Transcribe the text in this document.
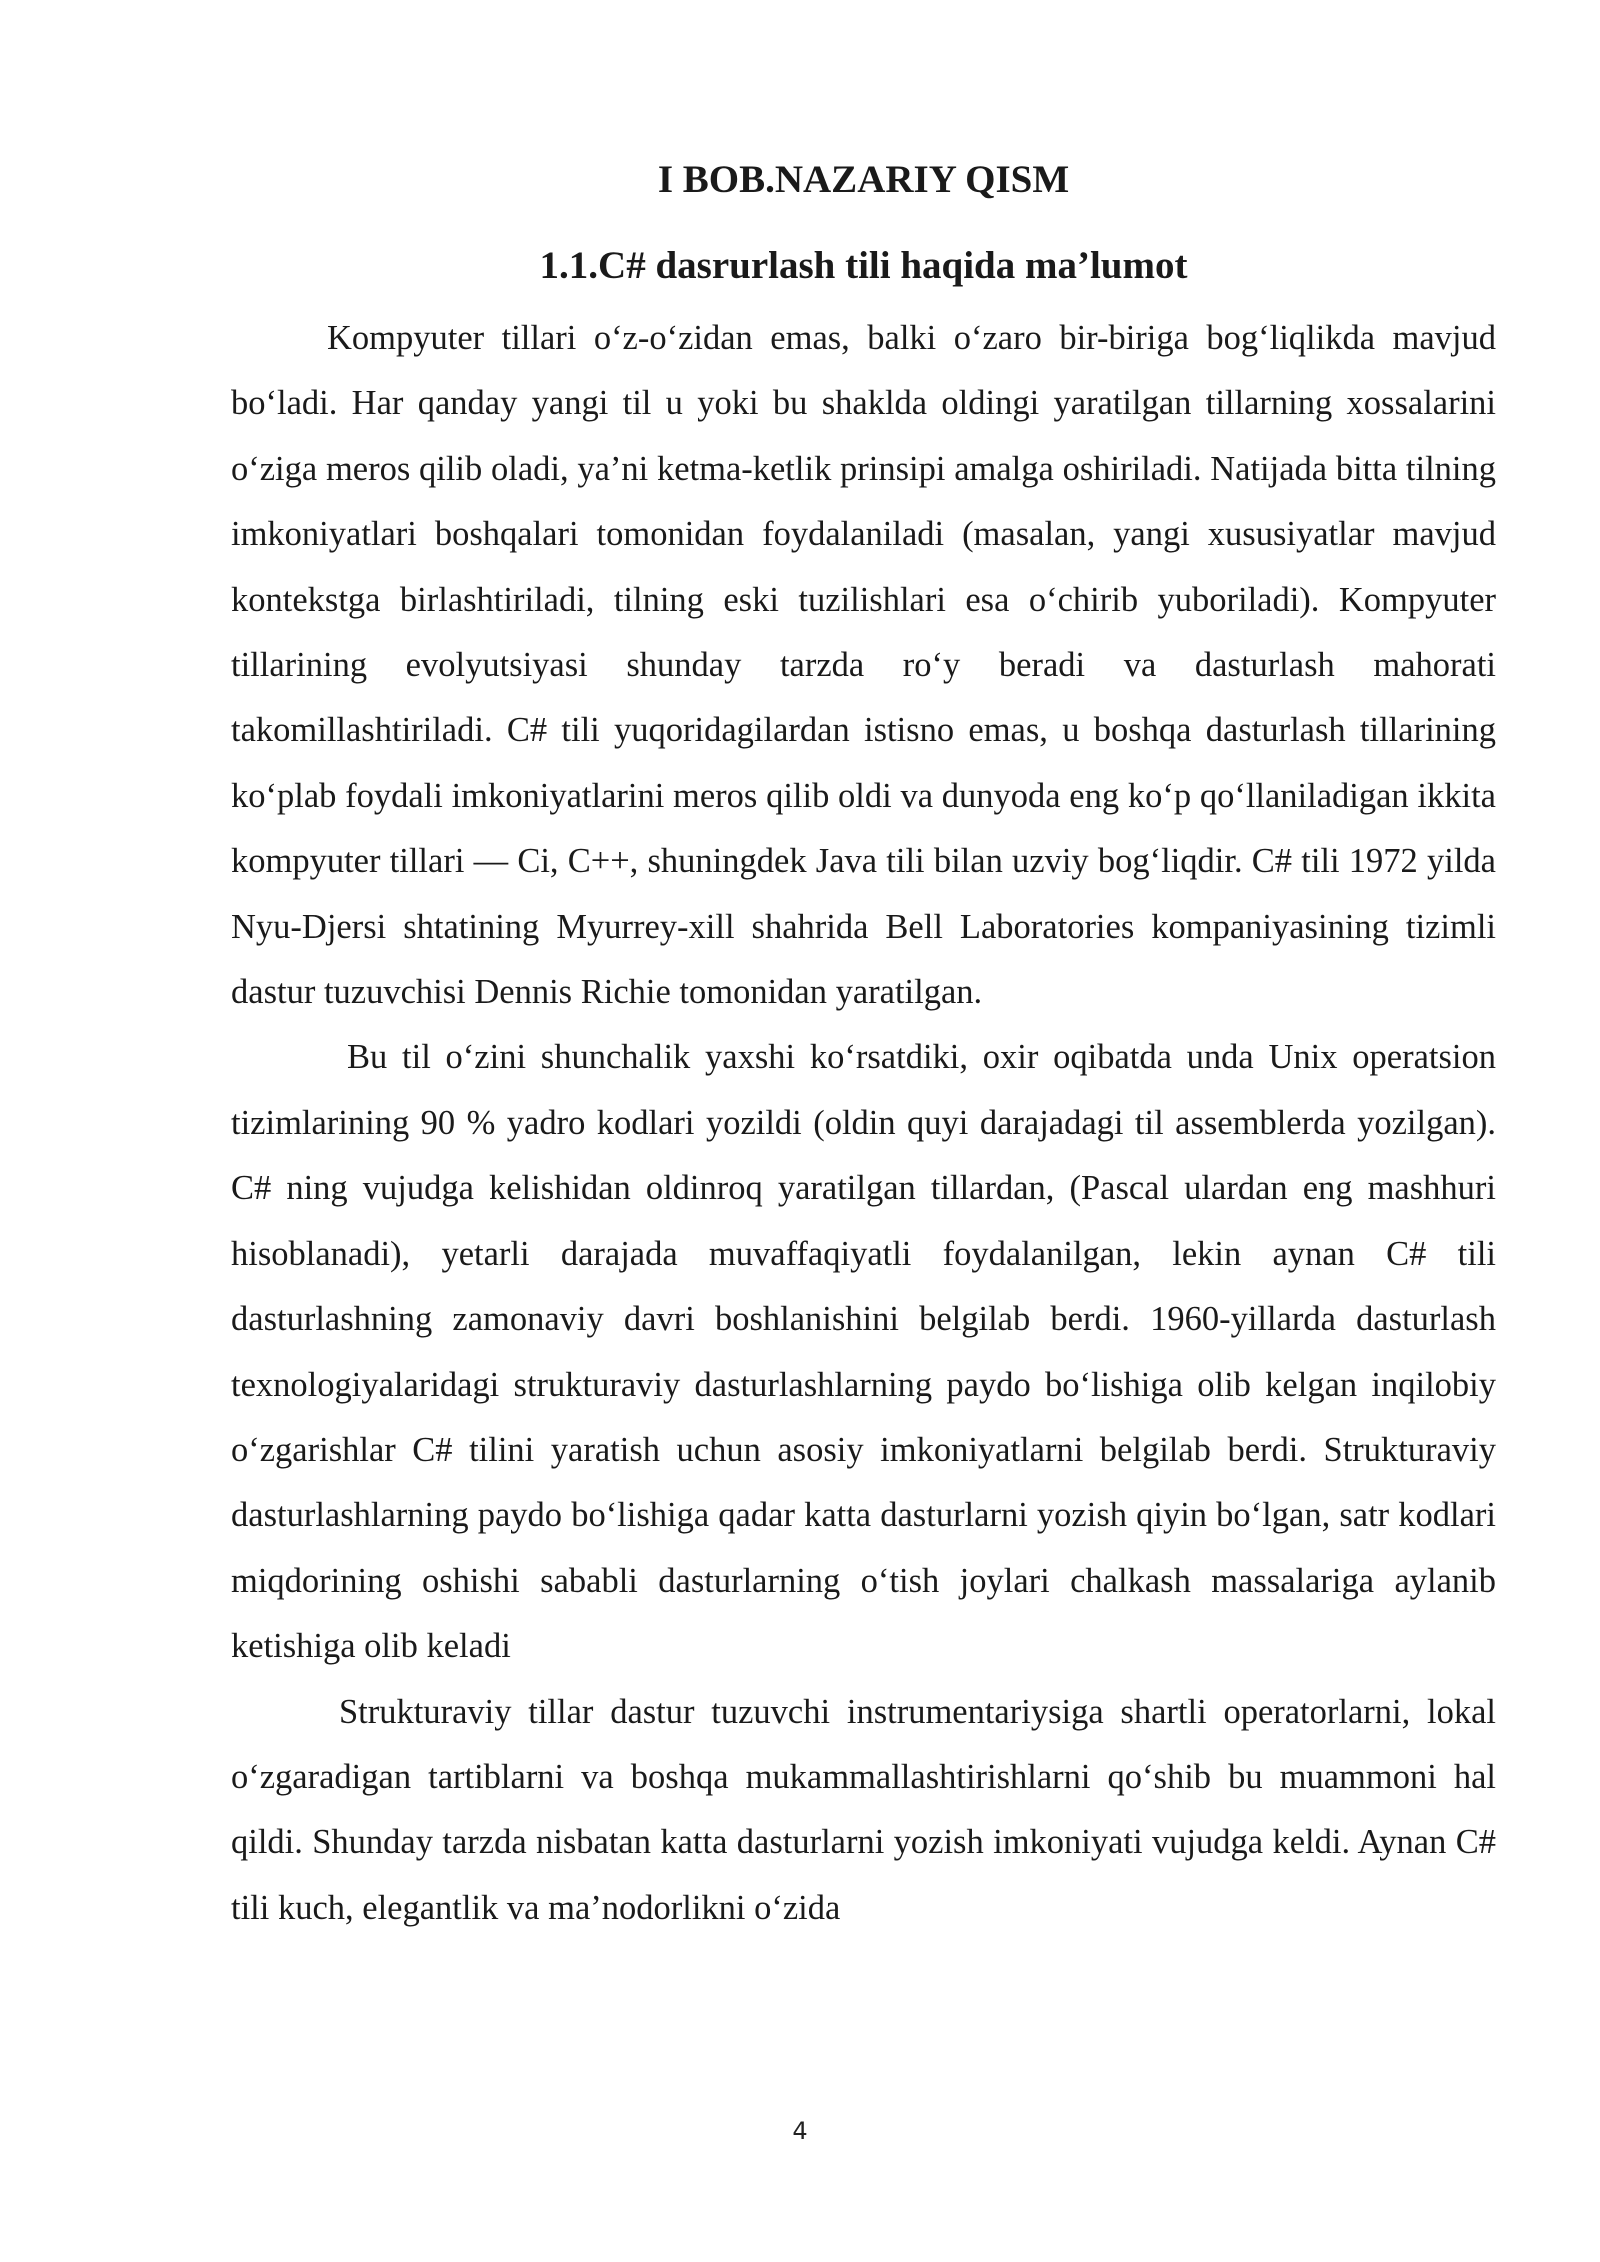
I BOB.NAZARIY QISM
1.1.C# dasrurlash tili haqida ma’lumot

Kompyuter tillari o‘z-o‘zidan emas, balki o‘zaro bir-biriga bog‘liqlikda mavjud bo‘ladi. Har qanday yangi til u yoki bu shaklda oldingi yaratilgan tillarning xossalarini o‘ziga meros qilib oladi, ya’ni ketma-ketlik prinsipi amalga oshiriladi. Natijada bitta tilning imkoniyatlari boshqalari tomonidan foydalaniladi (masalan, yangi xususiyatlar mavjud kontekstga birlashtiriladi, tilning eski tuzilishlari esa o‘chirib yuboriladi). Kompyuter tillarining evolyutsiyasi shunday tarzda ro‘y beradi va dasturlash mahorati takomillashtiriladi. C# tili yuqoridagilardan istisno emas, u boshqa dasturlash tillarining ko‘plab foydali imkoniyatlarini meros qilib oldi va dunyoda eng ko‘p qo‘llaniladigan ikkita kompyuter tillari — Ci, C++, shuningdek Java tili bilan uzviy bog‘liqdir. C# tili 1972 yilda Nyu-Djersi shtatining Myurrey-xill shahrida Bell Laboratories kompaniyasining tizimli dastur tuzuvchisi Dennis Richie tomonidan yaratilgan.

Bu til o‘zini shunchalik yaxshi ko‘rsatdiki, oxir oqibatda unda Unix operatsion tizimlarining 90 % yadro kodlari yozildi (oldin quyi darajadagi til assemblerda yozilgan). C# ning vujudga kelishidan oldinroq yaratilgan tillardan, (Pascal ulardan eng mashhuri hisoblanadi), yetarli darajada muvaffaqiyatli foydalanilgan, lekin aynan C# tili dasturlashning zamonaviy davri boshlanishini belgilab berdi. 1960-yillarda dasturlash texnologiyalaridagi strukturaviy dasturlashlarning paydo bo‘lishiga olib kelgan inqilobiy o‘zgarishlar C# tilini yaratish uchun asosiy imkoniyatlarni belgilab berdi. Strukturaviy dasturlashlarning paydo bo‘lishiga qadar katta dasturlarni yozish qiyin bo‘lgan, satr kodlari miqdorining oshishi sababli dasturlarning o‘tish joylari chalkash massalariga aylanib ketishiga olib keladi

Strukturaviy tillar dastur tuzuvchi instrumentariysiga shartli operatorlarni, lokal o‘zgaradigan tartiblarni va boshqa mukammallashtirishlarni qo‘shib bu muammoni hal qildi. Shunday tarzda nisbatan katta dasturlarni yozish imkoniyati vujudga keldi. Aynan C# tili kuch, elegantlik va ma’nodorlikni o‘zida

4
